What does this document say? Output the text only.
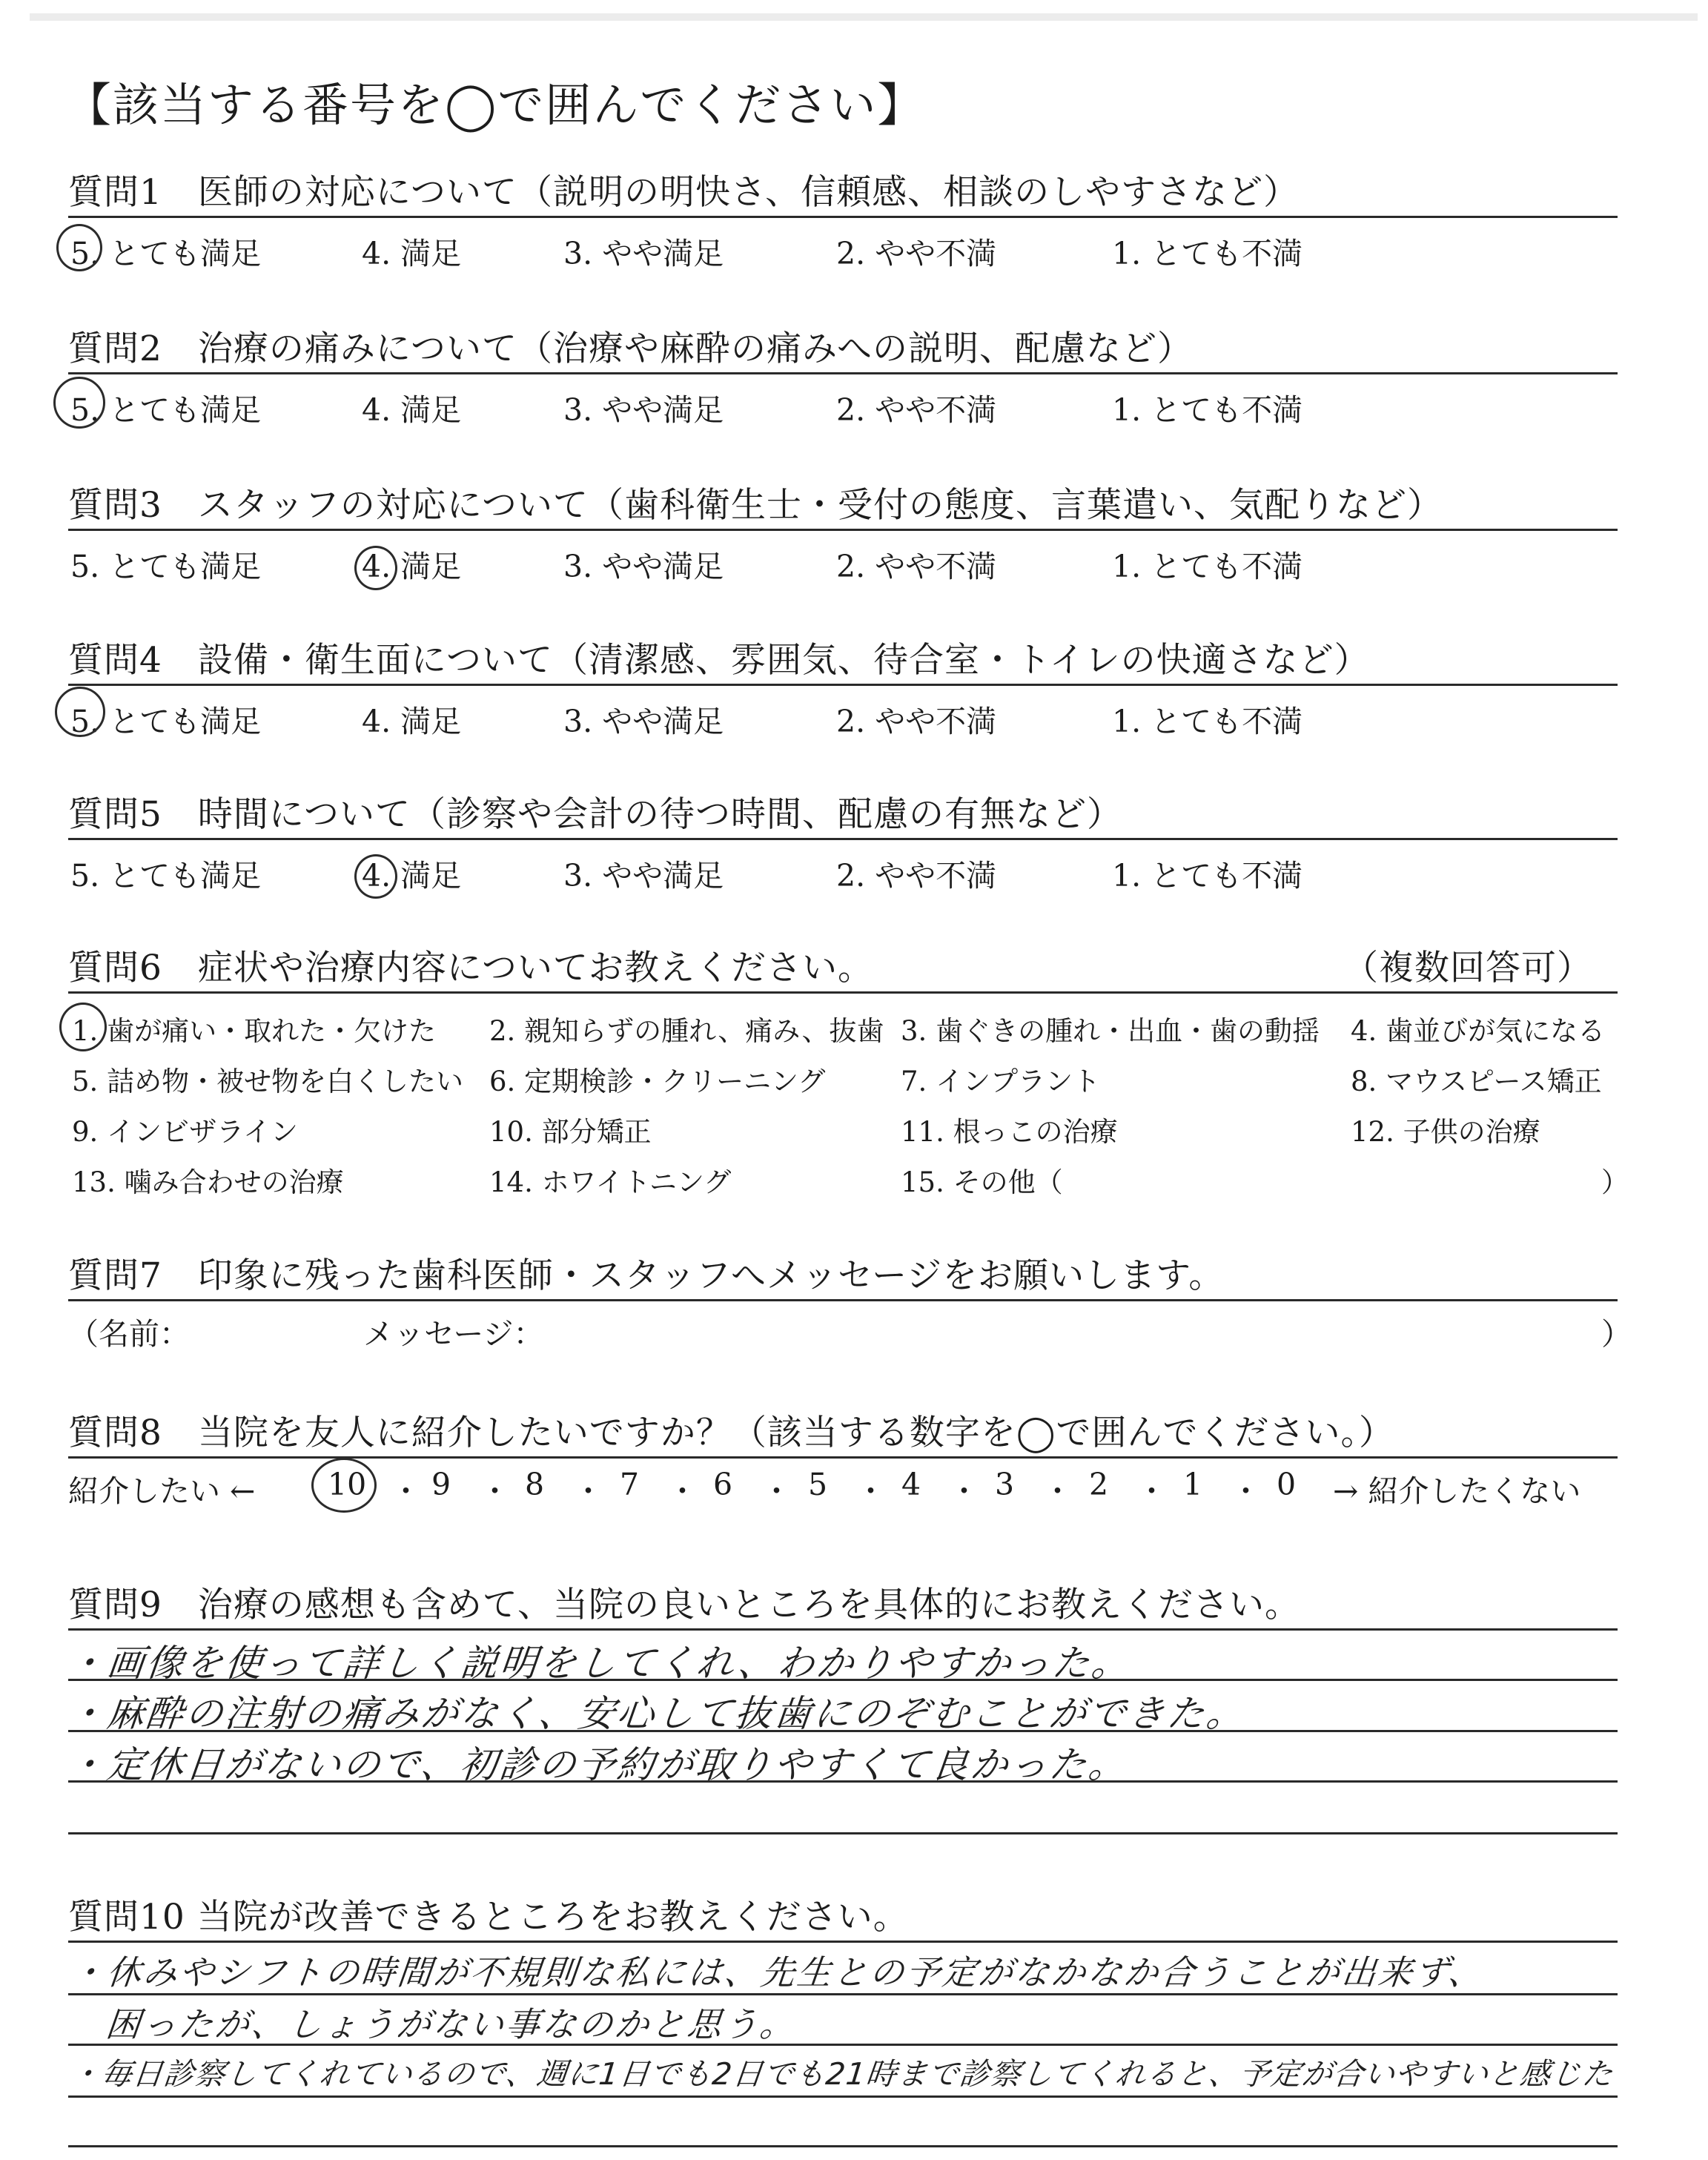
【該当する番号を◯で囲んでください】
質問1　医師の対応について（説明の明快さ、信頼感、相談のしやすさなど）
5. とても満足	4. 満足	3. やや満足	2. やや不満	1. とても不満
質問2　治療の痛みについて（治療や麻酔の痛みへの説明、配慮など）
5. とても満足	4. 満足	3. やや満足	2. やや不満	1. とても不満
質問3　スタッフの対応について（歯科衛生士・受付の態度、言葉遣い、気配りなど）
5. とても満足	4. 満足	3. やや満足	2. やや不満	1. とても不満
質問4　設備・衛生面について（清潔感、雰囲気、待合室・トイレの快適さなど）
5. とても満足	4. 満足	3. やや満足	2. やや不満	1. とても不満
質問5　時間について（診察や会計の待つ時間、配慮の有無など）
5. とても満足	4. 満足	3. やや満足	2. やや不満	1. とても不満
質問6　症状や治療内容についてお教えください。	（複数回答可）
1. 歯が痛い・取れた・欠けた 2. 親知らずの腫れ、痛み、抜歯 3. 歯ぐきの腫れ・出血・歯の動揺 4. 歯並びが気になる
5. 詰め物・被せ物を白くしたい 6. 定期検診・クリーニング	7. インプラント	8. マウスピース矯正
9. インビザライン	10. 部分矯正	11. 根っこの治療	12. 子供の治療
13. 噛み合わせの治療	14. ホワイトニング	15. その他（	）
質問7　印象に残った歯科医師・スタッフへメッセージをお願いします。
（名前：	メッセージ：	）
質問8　当院を友人に紹介したいですか？（該当する数字を◯で囲んでください。）
紹介したい ← 10 ・ 9 ・ 8 ・ 7 ・ 6 ・ 5 ・ 4 ・ 3 ・ 2 ・ 1 ・ 0 → 紹介したくない
質問9　治療の感想も含めて、当院の良いところを具体的にお教えください。
・画像を使って詳しく説明をしてくれ、わかりやすかった。
・麻酔の注射の痛みがなく、安心して抜歯にのぞむことができた。
・定休日がないので、初診の予約が取りやすくて良かった。
質問10 当院が改善できるところをお教えください。
・休みやシフトの時間が不規則な私には、先生との予定がなかなか合うことが出来ず、
困ったが、しょうがない事なのかと思う。
・毎日診察してくれているので、週に1日でも2日でも21時まで診察してくれると、予定が合いやすいと感じた
